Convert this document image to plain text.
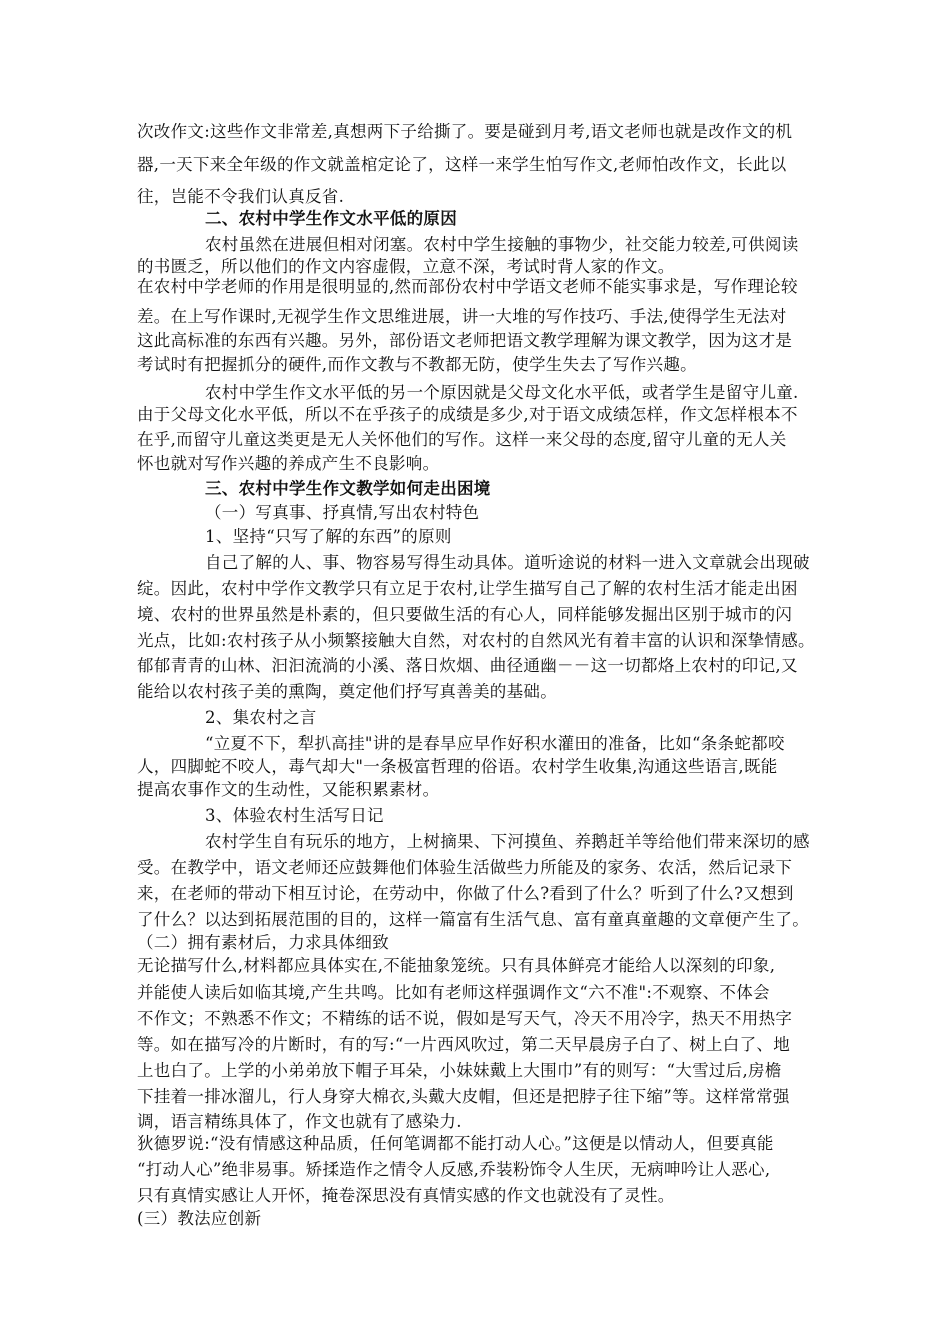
次改作文:这些作文非常差,真想两下子给撕了。要是碰到月考,语文老师也就是改作文的机
器,一天下来全年级的作文就盖棺定论了，这样一来学生怕写作文,老师怕改作文，长此以
往，岂能不令我们认真反省.
二、农村中学生作文水平低的原因
农村虽然在进展但相对闭塞。农村中学生接触的事物少，社交能力较差,可供阅读
的书匮乏，所以他们的作文内容虚假，立意不深，考试时背人家的作文。
在农村中学老师的作用是很明显的,然而部份农村中学语文老师不能实事求是，写作理论较
差。在上写作课时,无视学生作文思维进展，讲一大堆的写作技巧、手法,使得学生无法对
这此高标准的东西有兴趣。另外，部份语文老师把语文教学理解为课文教学，因为这才是
考试时有把握抓分的硬件,而作文教与不教都无防，使学生失去了写作兴趣。
农村中学生作文水平低的另一个原因就是父母文化水平低，或者学生是留守儿童.
由于父母文化水平低，所以不在乎孩子的成绩是多少,对于语文成绩怎样，作文怎样根本不
在乎,而留守儿童这类更是无人关怀他们的写作。这样一来父母的态度,留守儿童的无人关
怀也就对写作兴趣的养成产生不良影响。
三、农村中学生作文教学如何走出困境
（一）写真事、抒真情,写出农村特色
1、坚持“只写了解的东西”的原则
自己了解的人、事、物容易写得生动具体。道听途说的材料一进入文章就会出现破
绽。因此，农村中学作文教学只有立足于农村,让学生描写自己了解的农村生活才能走出困
境、农村的世界虽然是朴素的，但只要做生活的有心人，同样能够发掘出区别于城市的闪
光点，比如:农村孩子从小频繁接触大自然，对农村的自然风光有着丰富的认识和深挚情感。
郁郁青青的山林、汩汩流淌的小溪、落日炊烟、曲径通幽－－这一切都烙上农村的印记,又
能给以农村孩子美的熏陶，奠定他们抒写真善美的基础。
2、集农村之言
“立夏不下，犁扒高挂"讲的是春旱应早作好积水灌田的准备，比如“条条蛇都咬
人，四脚蛇不咬人，毒气却大"一条极富哲理的俗语。农村学生收集,沟通这些语言,既能
提高农事作文的生动性，又能积累素材。
3、体验农村生活写日记
农村学生自有玩乐的地方，上树摘果、下河摸鱼、养鹅赶羊等给他们带来深切的感
受。在教学中，语文老师还应鼓舞他们体验生活做些力所能及的家务、农活，然后记录下
来，在老师的带动下相互讨论，在劳动中，你做了什么?看到了什么？听到了什么?又想到
了什么？以达到拓展范围的目的，这样一篇富有生活气息、富有童真童趣的文章便产生了。
（二）拥有素材后，力求具体细致
无论描写什么,材料都应具体实在,不能抽象笼统。只有具体鲜亮才能给人以深刻的印象,
并能使人读后如临其境,产生共鸣。比如有老师这样强调作文“六不准":不观察、不体会
不作文；不熟悉不作文；不精练的话不说，假如是写天气，冷天不用冷字，热天不用热字
等。如在描写冷的片断时，有的写:“一片西风吹过，第二天早晨房子白了、树上白了、地
上也白了。上学的小弟弟放下帽子耳朵，小妹妹戴上大围巾”有的则写：“大雪过后,房檐
下挂着一排冰溜儿，行人身穿大棉衣,头戴大皮帽，但还是把脖子往下缩”等。这样常常强
调，语言精练具体了，作文也就有了感染力.
狄德罗说:“没有情感这种品质，任何笔调都不能打动人心。”这便是以情动人，但要真能
“打动人心”绝非易事。矫揉造作之情令人反感,乔装粉饰令人生厌，无病呻吟让人恶心,
只有真情实感让人开怀，掩卷深思没有真情实感的作文也就没有了灵性。
(三）教法应创新
